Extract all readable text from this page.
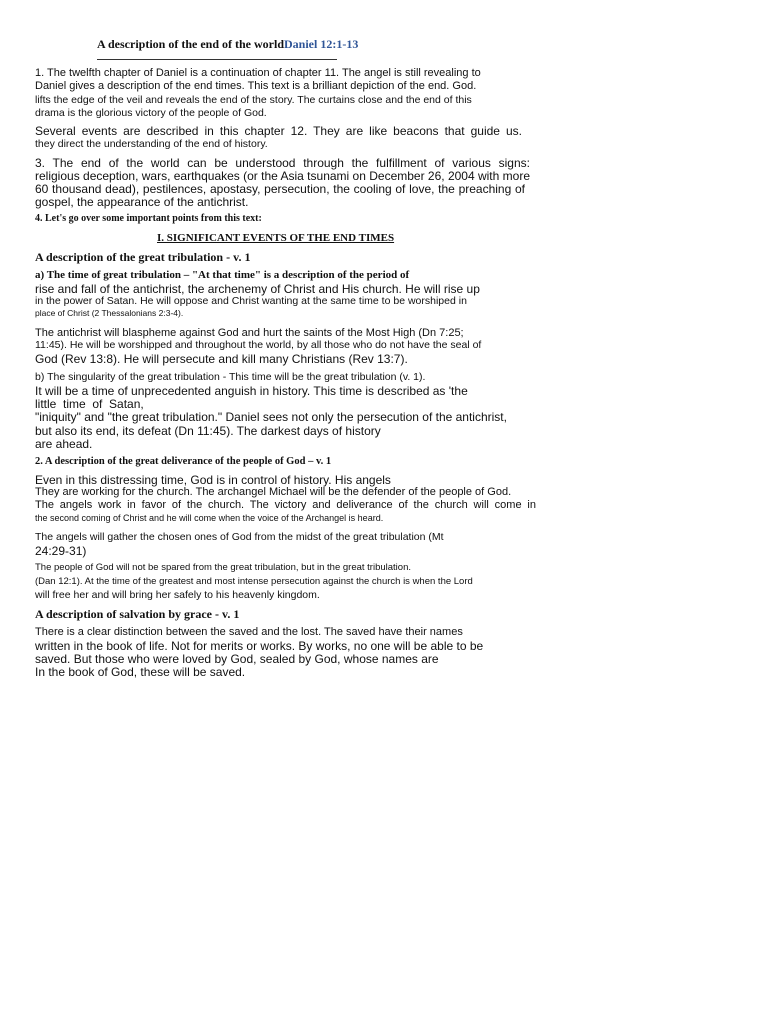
A description of the end of the worldDaniel 12:1-13

1. The twelfth chapter of Daniel is a continuation of chapter 11. The angel is still revealing to

Daniel gives a description of the end times. This text is a brilliant depiction of the end. God.

lifts the edge of the veil and reveals the end of the story. The curtains close and the end of this

drama is the glorious victory of the people of God.

Several events are described in this chapter 12. They are like beacons that guide us.

they direct the understanding of the end of history.

3. The end of the world can be understood through the fulfillment of various signs:

religious deception, wars, earthquakes (or the Asia tsunami on December 26, 2004 with more

60 thousand dead), pestilences, apostasy, persecution, the cooling of love, the preaching of

gospel, the appearance of the antichrist.

4. Let's go over some important points from this text:

I. SIGNIFICANT EVENTS OF THE END TIMES

A description of the great tribulation - v. 1

a) The time of great tribulation – "At that time" is a description of the period of

rise and fall of the antichrist, the archenemy of Christ and His church. He will rise up

in the power of Satan. He will oppose and Christ wanting at the same time to be worshiped in

place of Christ (2 Thessalonians 2:3-4).

The antichrist will blaspheme against God and hurt the saints of the Most High (Dn 7:25;

11:45). He will be worshipped and throughout the world, by all those who do not have the seal of

God (Rev 13:8). He will persecute and kill many Christians (Rev 13:7).

b) The singularity of the great tribulation - This time will be the great tribulation (v. 1).

It will be a time of unprecedented anguish in history. This time is described as 'the

little  time  of  Satan,

"iniquity" and "the great tribulation." Daniel sees not only the persecution of the antichrist,

but also its end, its defeat (Dn 11:45). The darkest days of history

are ahead.

2. A description of the great deliverance of the people of God – v. 1

Even in this distressing time, God is in control of history. His angels

They are working for the church. The archangel Michael will be the defender of the people of God.

The angels work in favor of the church. The victory and deliverance of the church will come in

the second coming of Christ and he will come when the voice of the Archangel is heard.

The angels will gather the chosen ones of God from the midst of the great tribulation (Mt

24:29-31)

The people of God will not be spared from the great tribulation, but in the great tribulation.

(Dan 12:1). At the time of the greatest and most intense persecution against the church is when the Lord

will free her and will bring her safely to his heavenly kingdom.

A description of salvation by grace - v. 1

There is a clear distinction between the saved and the lost. The saved have their names

written in the book of life. Not for merits or works. By works, no one will be able to be

saved. But those who were loved by God, sealed by God, whose names are

In the book of God, these will be saved.
